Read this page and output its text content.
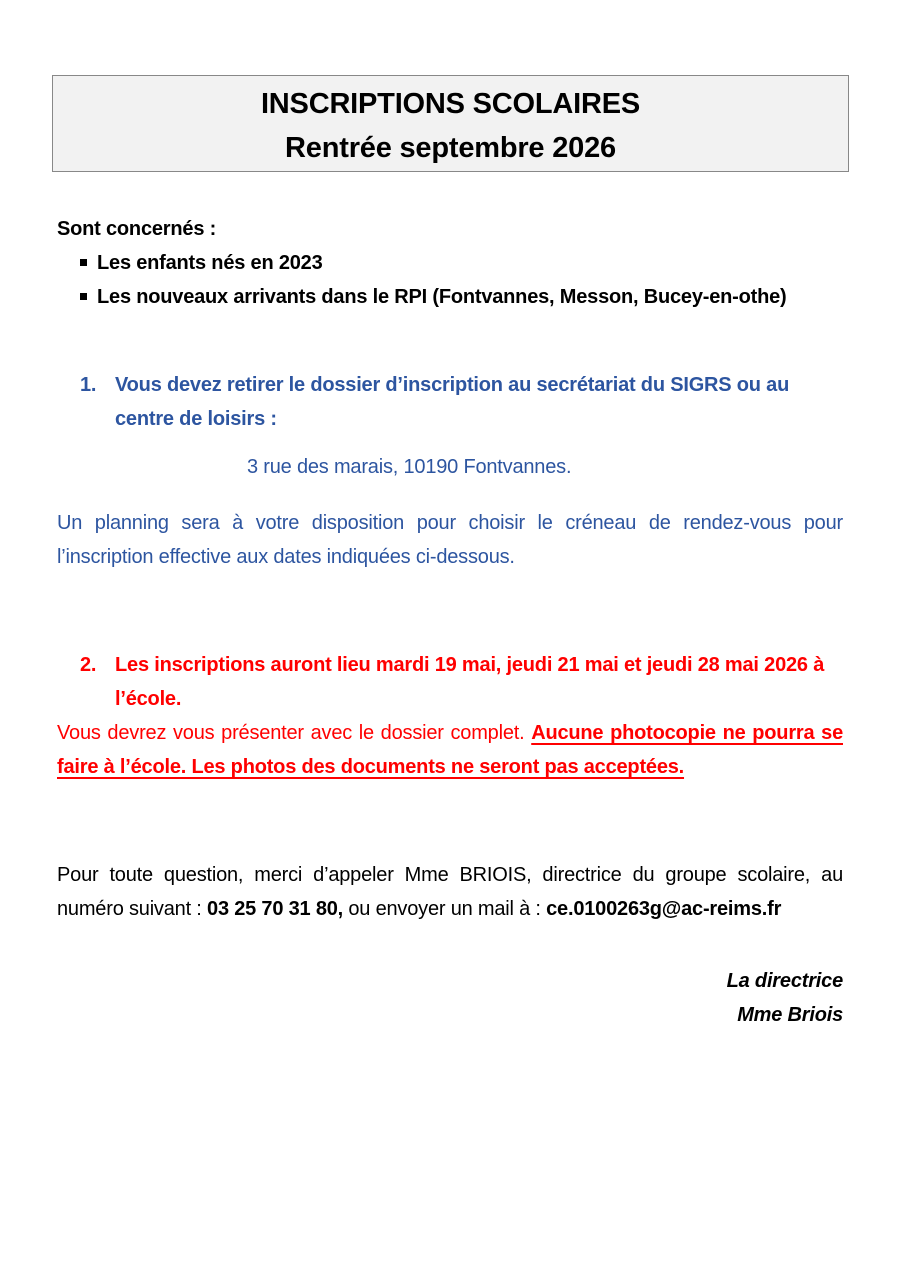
INSCRIPTIONS SCOLAIRES
Rentrée septembre 2026
Sont concernés :
Les enfants nés en 2023
Les nouveaux arrivants dans le RPI (Fontvannes, Messon, Bucey-en-othe)
1. Vous devez retirer le dossier d’inscription au secrétariat du SIGRS ou au centre de loisirs :
3 rue des marais, 10190 Fontvannes.
Un planning sera à votre disposition pour choisir le créneau de rendez-vous pour l’inscription effective aux dates indiquées ci-dessous.
2. Les inscriptions auront lieu mardi 19 mai, jeudi 21 mai et jeudi 28 mai 2026 à l’école.
Vous devrez vous présenter avec le dossier complet. Aucune photocopie ne pourra se faire à l’école. Les photos des documents ne seront pas acceptées.
Pour toute question, merci d’appeler Mme BRIOIS, directrice du groupe scolaire, au numéro suivant : 03 25 70 31 80, ou envoyer un mail à : ce.0100263g@ac-reims.fr
La directrice
Mme Briois
